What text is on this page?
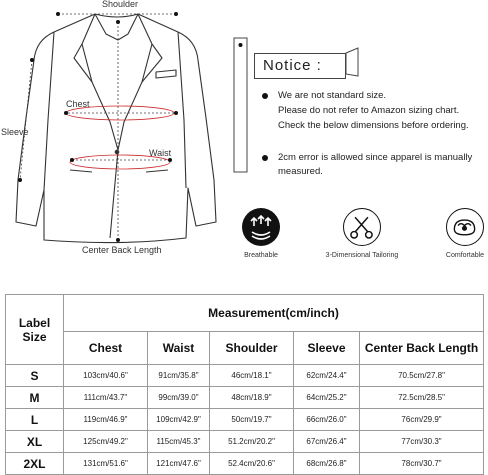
Shoulder
Sleeve
Chest
Waist
Center Back Length
Notice :
We are not standard size.
Please do not refer to Amazon sizing chart.
Check the below dimensions before ordering.
2cm error is allowed since apparel is manually
measured.
Breathable	3-Dimensional Tailoring	Comfortable
Label
Size	Measurement(cm/inch)				
	Chest	Waist	Shoulder	Sleeve	Center Back Length
S	103cm/40.6"	91cm/35.8"	46cm/18.1"	62cm/24.4"	70.5cm/27.8"
M	111cm/43.7"	99cm/39.0"	48cm/18.9"	64cm/25.2"	72.5cm/28.5"
L	119cm/46.9"	109cm/42.9"	50cm/19.7"	66cm/26.0"	76cm/29.9"
XL	125cm/49.2"	115cm/45.3"	51.2cm/20.2"	67cm/26.4"	77cm/30.3"
2XL	131cm/51.6"	121cm/47.6"	52.4cm/20.6"	68cm/26.8"	78cm/30.7"
